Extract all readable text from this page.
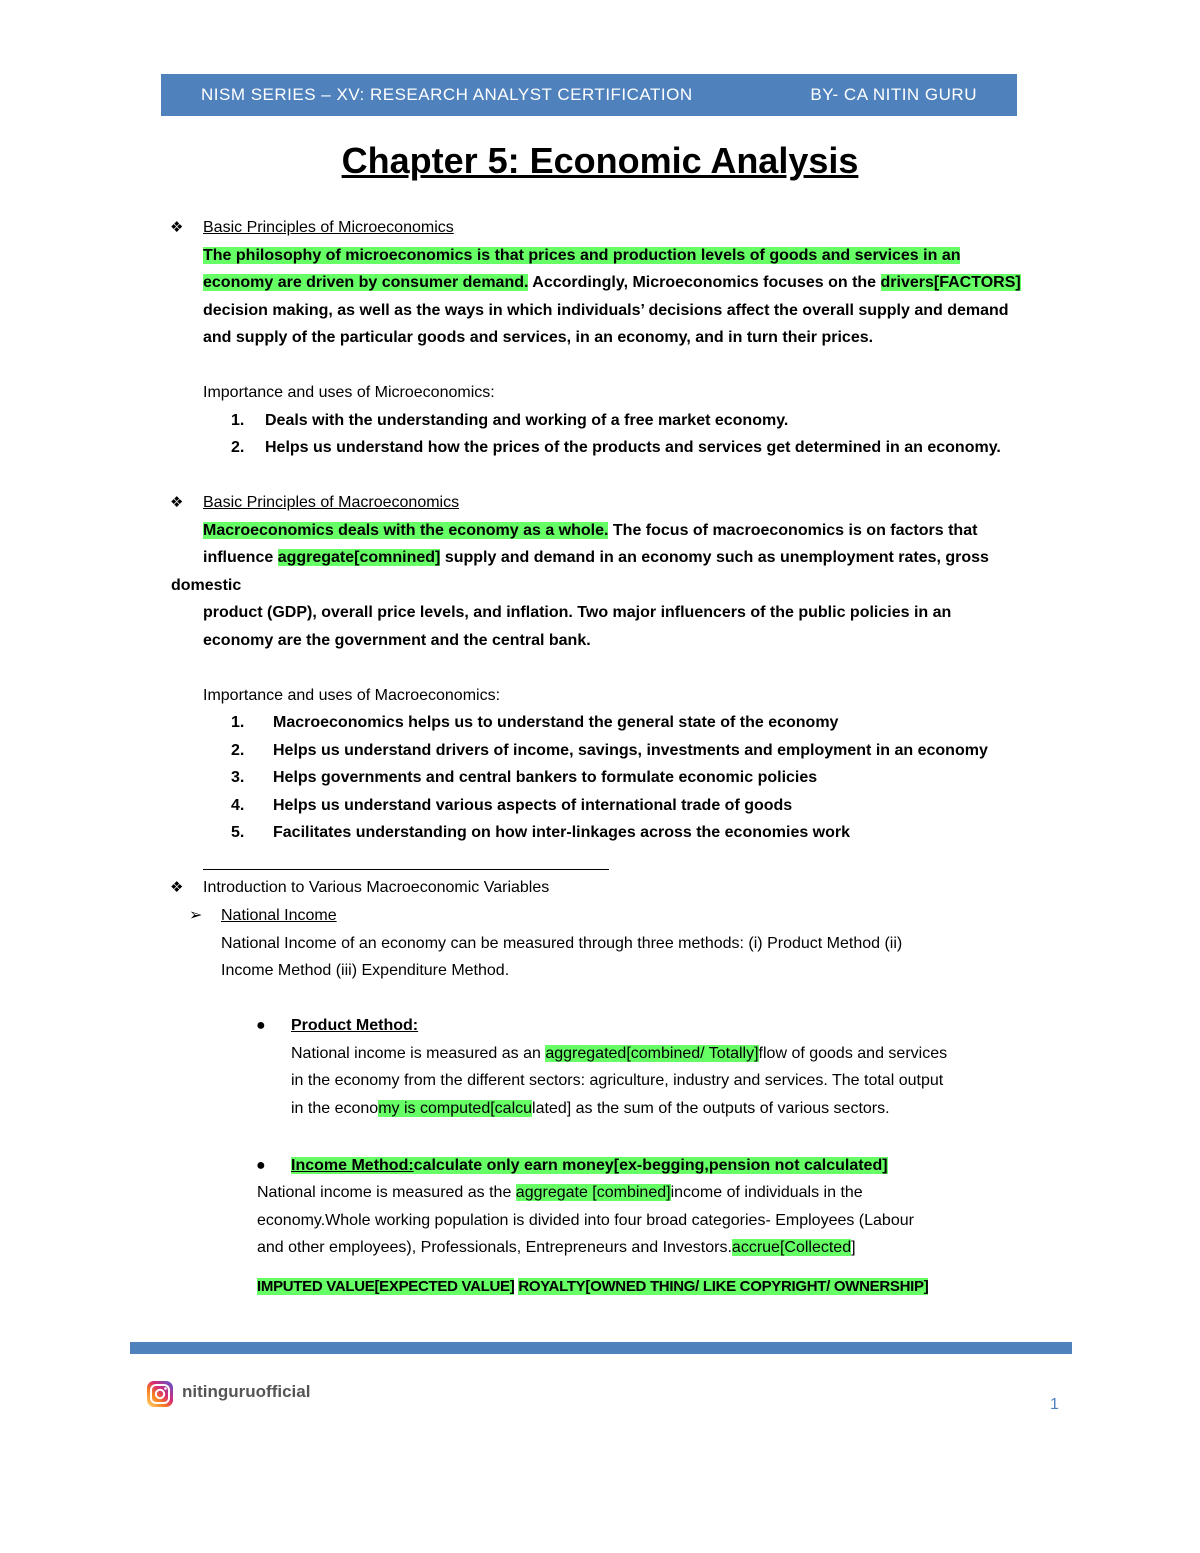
NISM SERIES – XV: RESEARCH ANALYST CERTIFICATION	BY- CA NITIN GURU
Chapter 5: Economic Analysis
❖ Basic Principles of Microeconomics
The philosophy of microeconomics is that prices and production levels of goods and services in an
economy are driven by consumer demand. Accordingly, Microeconomics focuses on the drivers[FACTORS]
decision making, as well as the ways in which individuals’ decisions affect the overall supply and demand
and supply of the particular goods and services, in an economy, and in turn their prices.
Importance and uses of Microeconomics:
1. Deals with the understanding and working of a free market economy.
2. Helps us understand how the prices of the products and services get determined in an economy.
❖ Basic Principles of Macroeconomics
Macroeconomics deals with the economy as a whole. The focus of macroeconomics is on factors that
influence aggregate[comnined] supply and demand in an economy such as unemployment rates, gross
domestic
product (GDP), overall price levels, and inflation. Two major influencers of the public policies in an
economy are the government and the central bank.
Importance and uses of Macroeconomics:
1. Macroeconomics helps us to understand the general state of the economy
2. Helps us understand drivers of income, savings, investments and employment in an economy
3. Helps governments and central bankers to formulate economic policies
4. Helps us understand various aspects of international trade of goods
5. Facilitates understanding on how inter-linkages across the economies work
❖ Introduction to Various Macroeconomic Variables
➢ National Income
National Income of an economy can be measured through three methods: (i) Product Method (ii)
Income Method (iii) Expenditure Method.
● Product Method:
National income is measured as an aggregated[combined/ Totally]flow of goods and services
in the economy from the different sectors: agriculture, industry and services. The total output
in the economy is computed[calculated] as the sum of the outputs of various sectors.
● Income Method:calculate only earn money[ex-begging,pension not calculated]
National income is measured as the aggregate [combined]income of individuals in the
economy.Whole working population is divided into four broad categories- Employees (Labour
and other employees), Professionals, Entrepreneurs and Investors.accrue[Collected]
IMPUTED VALUE[EXPECTED VALUE] ROYALTY[OWNED THING/ LIKE COPYRIGHT/ OWNERSHIP]
nitinguruofficial
1
